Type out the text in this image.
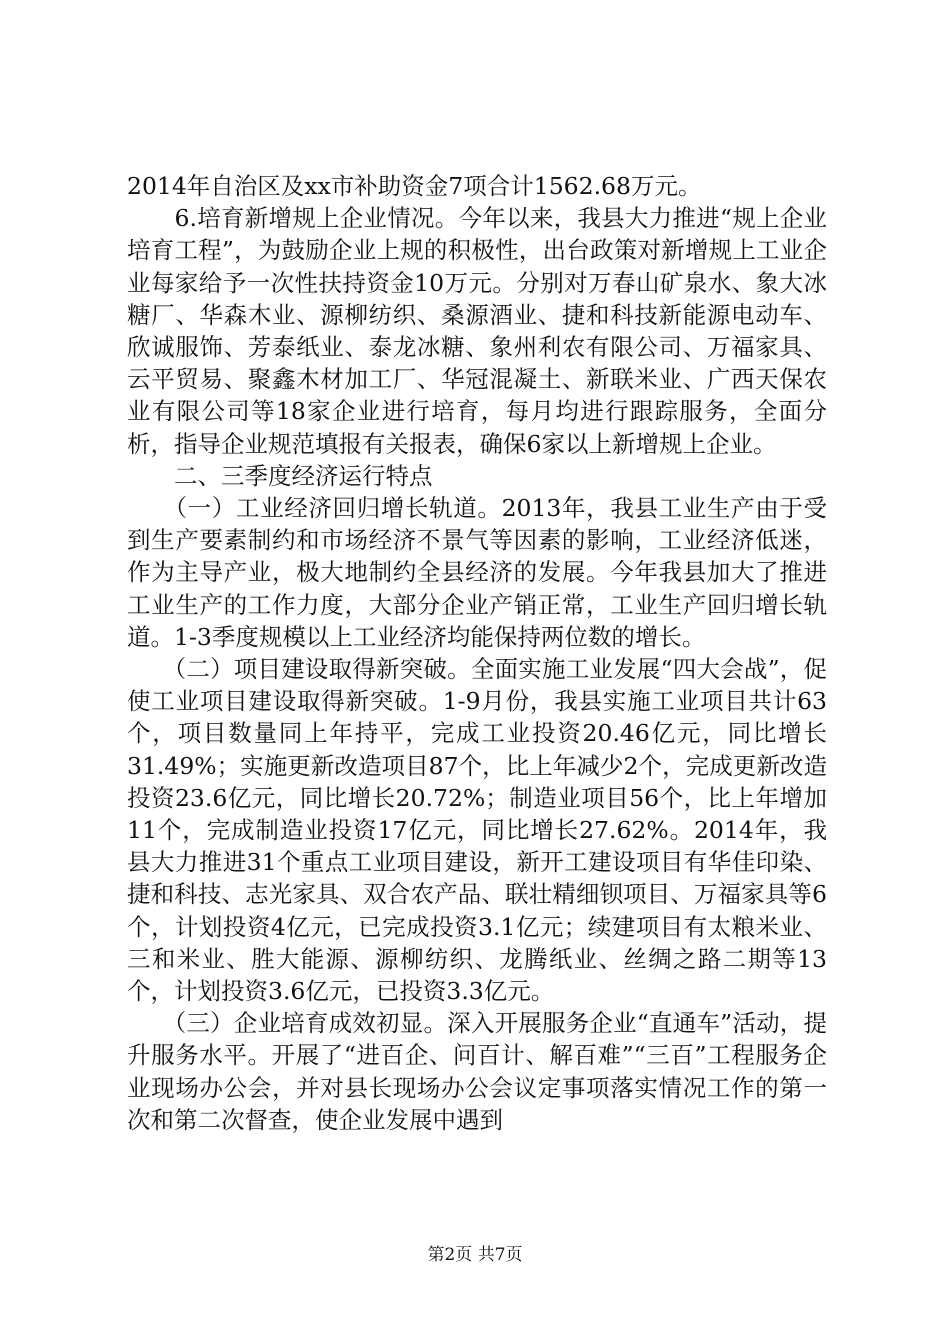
2014年自治区及xx市补助资金7项合计1562.68万元。

　　6.培育新增规上企业情况。今年以来，我县大力推进“规上企业培育工程”，为鼓励企业上规的积极性，出台政策对新增规上工业企业每家给予一次性扶持资金10万元。分别对万春山矿泉水、象大冰糖厂、华森木业、源柳纺织、桑源酒业、捷和科技新能源电动车、欣诚服饰、芳泰纸业、泰龙冰糖、象州利农有限公司、万福家具、云平贸易、聚鑫木材加工厂、华冠混凝土、新联米业、广西天保农业有限公司等18家企业进行培育，每月均进行跟踪服务，全面分析，指导企业规范填报有关报表，确保6家以上新增规上企业。

　　二、三季度经济运行特点

　　（一）工业经济回归增长轨道。2013年，我县工业生产由于受到生产要素制约和市场经济不景气等因素的影响，工业经济低迷，作为主导产业，极大地制约全县经济的发展。今年我县加大了推进工业生产的工作力度，大部分企业产销正常，工业生产回归增长轨道。1-3季度规模以上工业经济均能保持两位数的增长。

　　（二）项目建设取得新突破。全面实施工业发展“四大会战”，促使工业项目建设取得新突破。1-9月份，我县实施工业项目共计63个，项目数量同上年持平，完成工业投资20.46亿元，同比增长31.49%；实施更新改造项目87个，比上年减少2个，完成更新改造投资23.6亿元，同比增长20.72%；制造业项目56个，比上年增加11个，完成制造业投资17亿元，同比增长27.62%。2014年，我县大力推进31个重点工业项目建设，新开工建设项目有华佳印染、捷和科技、志光家具、双合农产品、联壮精细钡项目、万福家具等6个，计划投资4亿元，已完成投资3.1亿元；续建项目有太粮米业、三和米业、胜大能源、源柳纺织、龙腾纸业、丝绸之路二期等13个，计划投资3.6亿元，已投资3.3亿元。

　　（三）企业培育成效初显。深入开展服务企业“直通车”活动，提升服务水平。开展了“进百企、问百计、解百难”“三百”工程服务企业现场办公会，并对县长现场办公会议定事项落实情况工作的第一次和第二次督查，使企业发展中遇到

第2页 共7页
